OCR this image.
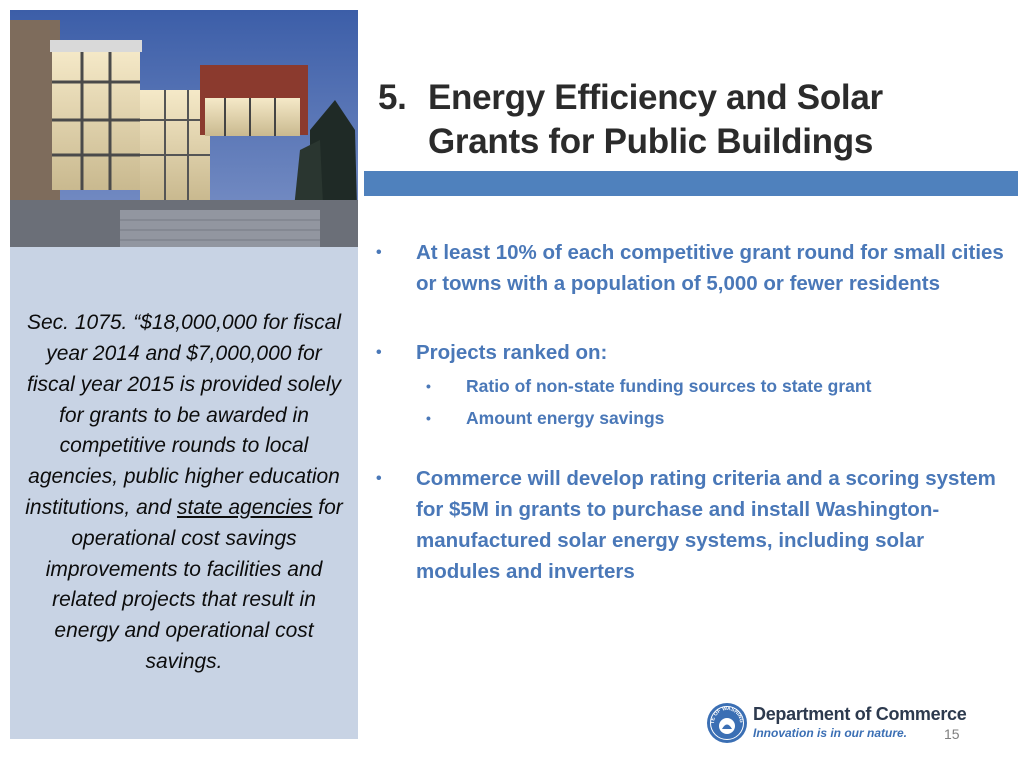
Sec. 1075. “$18,000,000 for fiscal year 2014 and $7,000,000 for fiscal year 2015 is provided solely for grants to be awarded in competitive rounds to local agencies, public higher education institutions, and state agencies for operational cost savings improvements to facilities and related projects that result in energy and operational cost savings.

5. Energy Efficiency and Solar
Grants for Public Buildings
• At least 10% of each competitive grant round for small cities or towns with a population of 5,000 or fewer residents
• Projects ranked on:
• Ratio of non-state funding sources to state grant
• Amount energy savings
• Commerce will develop rating criteria and a scoring system for $5M in grants to purchase and install Washington-manufactured solar energy systems, including solar modules and inverters
TE OF WASHING Department of Commerce

Innovation is in our nature.	15
